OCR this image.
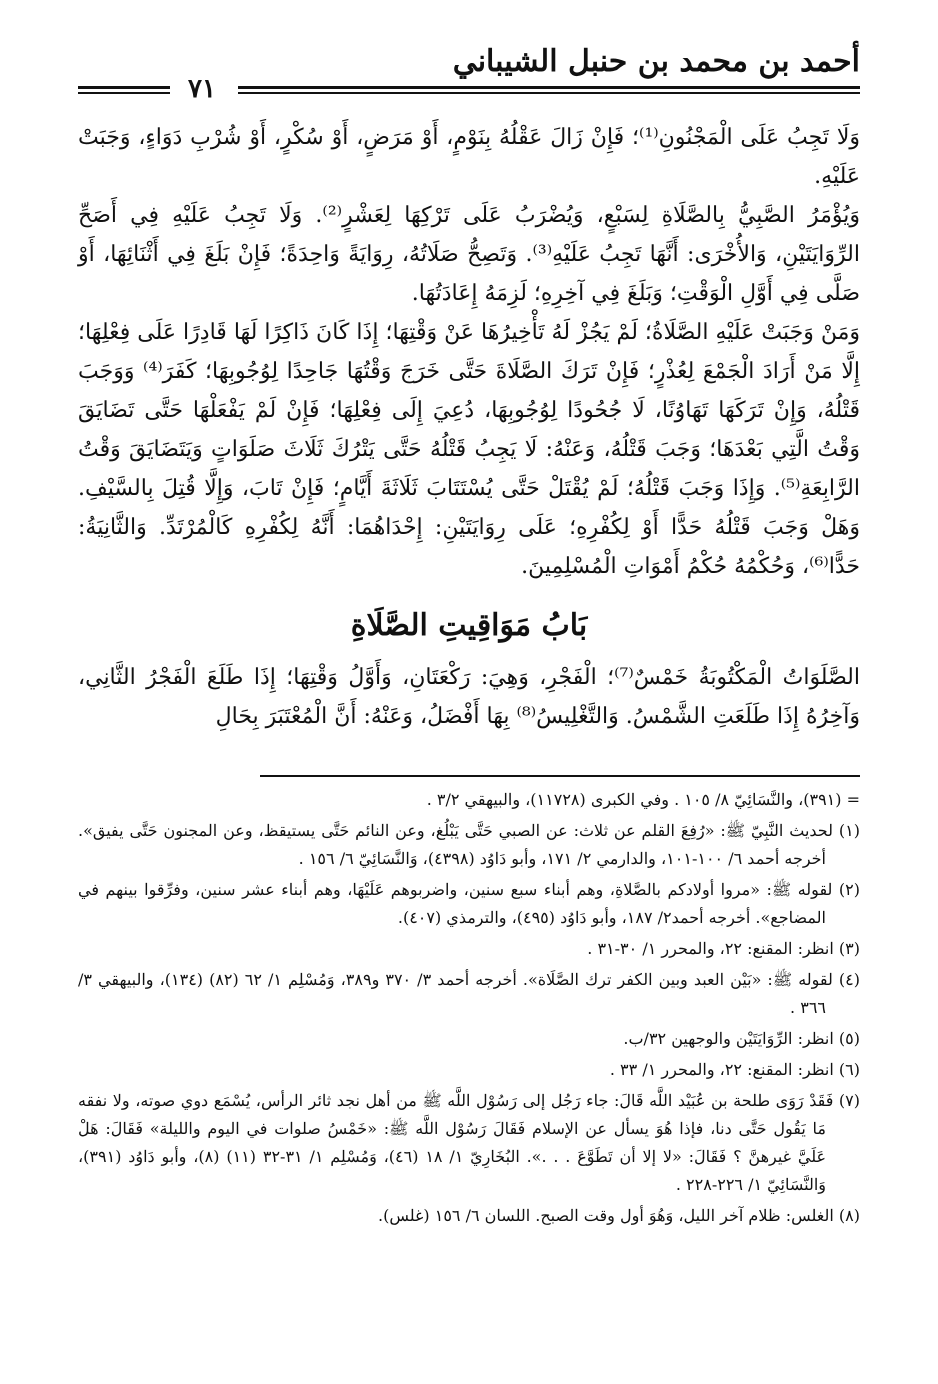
أحمد بن محمد بن حنبل الشيباني
٧١

وَلَا تَجِبُ عَلَى الْمَجْنُونِ⁽¹⁾؛ فَإِنْ زَالَ عَقْلُهُ بِنَوْمٍ، أَوْ مَرَضٍ، أَوْ سُكْرٍ، أَوْ شُرْبِ دَوَاءٍ، وَجَبَتْ عَلَيْهِ.

وَيُؤْمَرُ الصَّبِيُّ بِالصَّلَاةِ لِسَبْعٍ، وَيُضْرَبُ عَلَى تَرْكِهَا لِعَشْرٍ⁽²⁾. وَلَا تَجِبُ عَلَيْهِ فِي أَصَحِّ الرِّوَايَتَيْنِ، وَالأُخْرَى: أَنَّهَا تَجِبُ عَلَيْهِ⁽³⁾. وَتَصِحُّ صَلَاتُهُ، رِوَايَةً وَاحِدَةً؛ فَإِنْ بَلَغَ فِي أَثْنَائِهَا، أَوْ صَلَّى فِي أَوَّلِ الْوَقْتِ؛ وَبَلَغَ فِي آخِرِهِ؛ لَزِمَهُ إِعَادَتُهَا.

وَمَنْ وَجَبَتْ عَلَيْهِ الصَّلَاةُ؛ لَمْ يَجُزْ لَهُ تَأْخِيرُهَا عَنْ وَقْتِهَا؛ إِذَا كَانَ ذَاكِرًا لَهَا قَادِرًا عَلَى فِعْلِهَا؛ إِلَّا مَنْ أَرَادَ الْجَمْعَ لِعُذْرٍ؛ فَإِنْ تَرَكَ الصَّلَاةَ حَتَّى خَرَجَ وَقْتُهَا جَاحِدًا لِوُجُوبِهَا؛ كَفَرَ⁽⁴⁾ وَوَجَبَ قَتْلُهُ، وَإِنْ تَرَكَهَا تَهَاوُنًا، لَا جُحُودًا لِوُجُوبِهَا، دُعِيَ إِلَى فِعْلِهَا؛ فَإِنْ لَمْ يَفْعَلْهَا حَتَّى تَضَايَقَ وَقْتُ الَّتِي بَعْدَهَا؛ وَجَبَ قَتْلُهُ، وَعَنْهُ: لَا يَجِبُ قَتْلُهُ حَتَّى يَتْرُكَ ثَلَاثَ صَلَوَاتٍ وَيَتَضَايَقَ وَقْتُ الرَّابِعَةِ⁽⁵⁾. وَإِذَا وَجَبَ قَتْلُهُ؛ لَمْ يُقْتَلْ حَتَّى يُسْتَتَابَ ثَلَاثَةَ أَيَّامٍ؛ فَإِنْ تَابَ، وَإِلَّا قُتِلَ بِالسَّيْفِ. وَهَلْ وَجَبَ قَتْلُهُ حَدًّا أَوْ لِكُفْرِهِ؛ عَلَى رِوَايَتَيْنِ: إِحْدَاهُمَا: أَنَّهُ لِكُفْرِهِ كَالْمُرْتَدِّ. وَالثَّانِيَةُ: حَدًّا⁽⁶⁾، وَحُكْمُهُ حُكْمُ أَمْوَاتِ الْمُسْلِمِينَ.

بَابُ مَوَاقِيتِ الصَّلَاةِ

الصَّلَوَاتُ الْمَكْتُوبَةُ خَمْسٌ⁽⁷⁾؛ الْفَجْرِ، وَهِيَ: رَكْعَتَانِ، وَأَوَّلُ وَقْتِهَا؛ إِذَا طَلَعَ الْفَجْرُ الثَّانِي، وَآخِرُهُ إِذَا طَلَعَتِ الشَّمْسُ. وَالتَّغْلِيسُ⁽⁸⁾ بِهَا أَفْضَلُ، وَعَنْهُ: أَنَّ الْمُعْتَبَرَ بِحَالِ

= (٣٩١)، والنَّسَائِيّ ٨/ ١٠٥ . وفي الكبرى (١١٧٢٨)، والبيهقي ٣/٢ .

(١) لحديث النَّبِيّ ﷺ: «رُفِعَ القلم عن ثلاث: عن الصبي حَتَّى يَبْلُغ، وعن النائم حَتَّى يستيقظ، وعن المجنون حَتَّى يفيق». أخرجه أحمد ٦/ ١٠٠-١٠١، والدارمي ٢/ ١٧١، وأبو دَاوُد (٤٣٩٨)، وَالنَّسَائِيّ ٦/ ١٥٦ .

(٢) لقوله ﷺ: «مروا أولادكم بالصَّلاةِ، وهم أبناء سبع سنين، واضربوهم عَلَيْهَا، وهم أبناء عشر سنين، وفرِّقوا بينهم في المضاجع». أخرجه أحمد٢/ ١٨٧، وأبو دَاوُد (٤٩٥)، والترمذي (٤٠٧).

(٣) انظر: المقنع: ٢٢، والمحرر ١/ ٣٠-٣١ .

(٤) لقوله ﷺ: «بَيْن العبد وبين الكفر ترك الصَّلَاة». أخرجه أحمد ٣/ ٣٧٠ و٣٨٩، وَمُسْلِم ١/ ٦٢ (٨٢) (١٣٤)، والبيهقي ٣/ ٣٦٦ .

(٥) انظر: الرِّوَايَتَيْن والوجهين ٣٢/ب.

(٦) انظر: المقنع: ٢٢، والمحرر ١/ ٣٣ .

(٧) فَقَدْ رَوَى طلحة بن عُبَيْد اللَّه قَالَ: جاء رَجُل إلى رَسُوْل اللَّه ﷺ من أهل نجد ثائر الرأس، يُسْمَع دوي صوته، ولا نفقه مَا يَقُول حَتَّى دنا، فإذا هُوَ يسأل عن الإسلام فَقَالَ رَسُوْل اللَّه ﷺ: «خَمْسُ صلوات في اليوم والليلة» فَقَالَ: هَلْ عَلَيَّ غيرهنَّ ؟ فَقَالَ: «لا إلا أن تَطَوَّعَ . . .». البُخَارِيّ ١/ ١٨ (٤٦)، وَمُسْلِم ١/ ٣١-٣٢ (١١) (٨)، وأبو دَاوُد (٣٩١)، وَالنَّسَائِيّ ١/ ٢٢٦-٢٢٨ .

(٨) الغلس: ظلام آخر الليل، وَهُوَ أول وقت الصبح. اللسان ٦/ ١٥٦ (غلس).
